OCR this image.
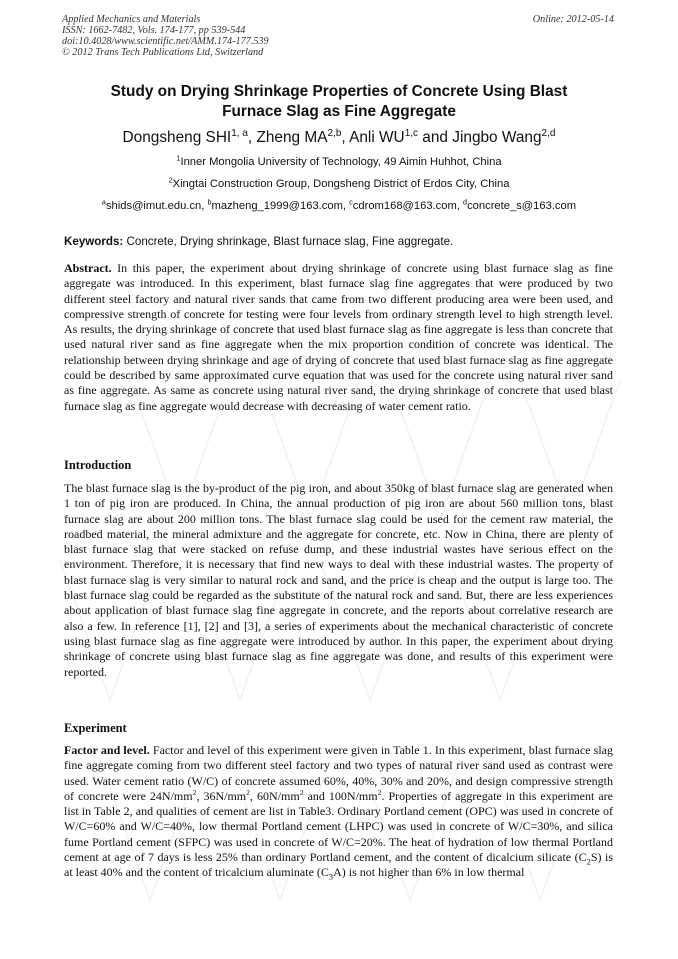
Applied Mechanics and Materials
ISSN: 1662-7482, Vols. 174-177, pp 539-544
doi:10.4028/www.scientific.net/AMM.174-177.539
© 2012 Trans Tech Publications Ltd, Switzerland
Online: 2012-05-14
Study on Drying Shrinkage Properties of Concrete Using Blast
Furnace Slag as Fine Aggregate
Dongsheng SHI$^{1, a}$, Zheng MA$^{2,b}$, Anli WU$^{1,c}$ and Jingbo Wang$^{2,d}$
$^1$Inner Mongolia University of Technology, 49 Aimin Huhhot, China
$^2$Xingtai Construction Group, Dongsheng District of Erdos City, China
$^a$shids@imut.edu.cn, $^b$mazheng_1999@163.com, $^c$cdrom168@163.com, $^d$concrete_s@163.com
Keywords: Concrete, Drying shrinkage, Blast furnace slag, Fine aggregate.
Abstract. In this paper, the experiment about drying shrinkage of concrete using blast furnace slag as fine aggregate was introduced. In this experiment, blast furnace slag fine aggregates that were produced by two different steel factory and natural river sands that came from two different producing area were been used, and compressive strength of concrete for testing were four levels from ordinary strength level to high strength level. As results, the drying shrinkage of concrete that used blast furnace slag as fine aggregate is less than concrete that used natural river sand as fine aggregate when the mix proportion condition of concrete was identical. The relationship between drying shrinkage and age of drying of concrete that used blast furnace slag as fine aggregate could be described by same approximated curve equation that was used for the concrete using natural river sand as fine aggregate. As same as concrete using natural river sand, the drying shrinkage of concrete that used blast furnace slag as fine aggregate would decrease with decreasing of water cement ratio.
Introduction
The blast furnace slag is the by-product of the pig iron, and about 350kg of blast furnace slag are generated when 1 ton of pig iron are produced. In China, the annual production of pig iron are about 560 million tons, blast furnace slag are about 200 million tons. The blast furnace slag could be used for the cement raw material, the roadbed material, the mineral admixture and the aggregate for concrete, etc. Now in China, there are plenty of blast furnace slag that were stacked on refuse dump, and these industrial wastes have serious effect on the environment. Therefore, it is necessary that find new ways to deal with these industrial wastes. The property of blast furnace slag is very similar to natural rock and sand, and the price is cheap and the output is large too. The blast furnace slag could be regarded as the substitute of the natural rock and sand. But, there are less experiences about application of blast furnace slag fine aggregate in concrete, and the reports about correlative research are also a few. In reference [1], [2] and [3], a series of experiments about the mechanical characteristic of concrete using blast furnace slag as fine aggregate were introduced by author. In this paper, the experiment about drying shrinkage of concrete using blast furnace slag as fine aggregate was done, and results of this experiment were reported.
Experiment
Factor and level. Factor and level of this experiment were given in Table 1. In this experiment, blast furnace slag fine aggregate coming from two different steel factory and two types of natural river sand used as contrast were used. Water cement ratio (W/C) of concrete assumed 60%, 40%, 30% and 20%, and design compressive strength of concrete were $24N/mm^2$, $36N/mm^2$, $60N/mm^2$ and $100N/mm^2$. Properties of aggregate in this experiment are list in Table 2, and qualities of cement are list in Table3. Ordinary Portland cement (OPC) was used in concrete of W/C=60% and W/C=40%, low thermal Portland cement (LHPC) was used in concrete of W/C=30%, and silica fume Portland cement (SFPC) was used in concrete of W/C=20%. The heat of hydration of low thermal Portland cement at age of 7 days is less 25% than ordinary Portland cement, and the content of dicalcium silicate $(C_2S)$ is at least 40% and the content of tricalcium aluminate $(C_3A)$ is not higher than 6% in low thermal
